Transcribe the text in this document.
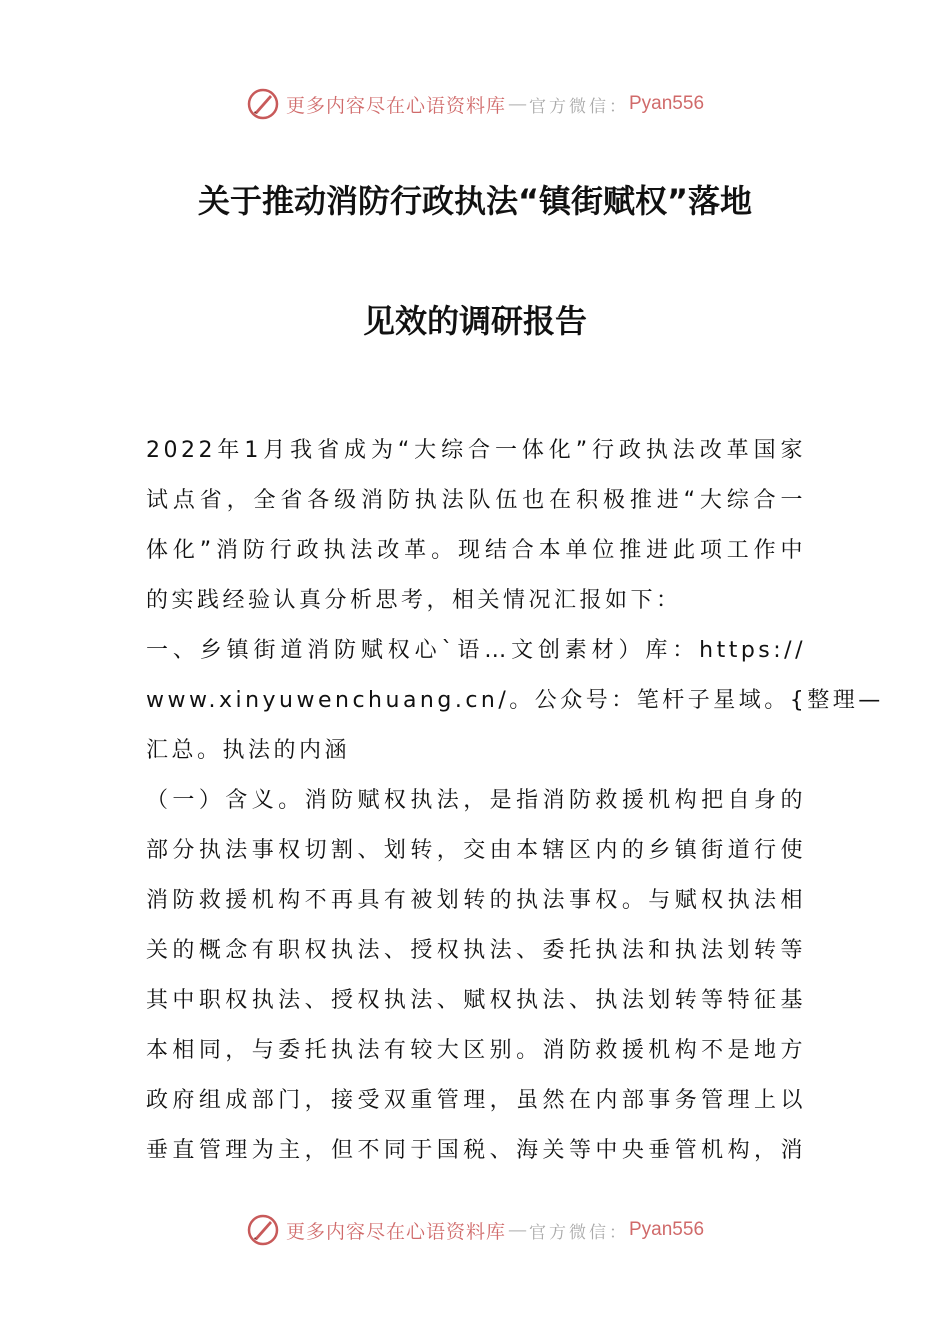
更多内容尽在心语资料库 — 官方微信： Pyan556
关于推动消防行政执法“镇街赋权”落地
见效的调研报告
2022年1月我省成为“大综合一体化”行政执法改革国家
试点省，全省各级消防执法队伍也在积极推进“大综合一
体化”消防行政执法改革。现结合本单位推进此项工作中
的实践经验认真分析思考，相关情况汇报如下：
一、乡镇街道消防赋权心`语…文创素材）库：https://
www.xinyuwenchuang.cn/。公众号：笔杆子星域。{整理—
汇总。执法的内涵
（一）含义。消防赋权执法，是指消防救援机构把自身的
部分执法事权切割、划转，交由本辖区内的乡镇街道行使
消防救援机构不再具有被划转的执法事权。与赋权执法相
关的概念有职权执法、授权执法、委托执法和执法划转等
其中职权执法、授权执法、赋权执法、执法划转等特征基
本相同，与委托执法有较大区别。消防救援机构不是地方
政府组成部门，接受双重管理，虽然在内部事务管理上以
垂直管理为主，但不同于国税、海关等中央垂管机构，消
更多内容尽在心语资料库 — 官方微信： Pyan556
